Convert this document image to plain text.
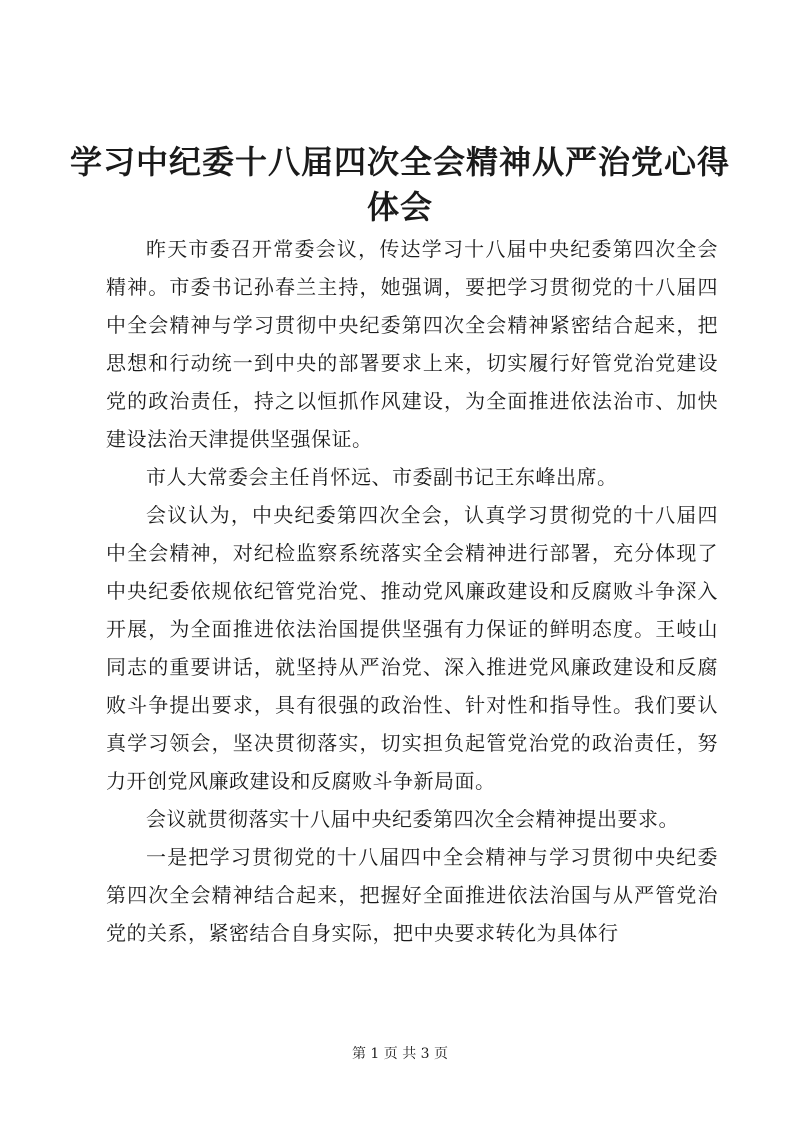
学习中纪委十八届四次全会精神从严治党心得体会

昨天市委召开常委会议，传达学习十八届中央纪委第四次全会精神。市委书记孙春兰主持，她强调，要把学习贯彻党的十八届四中全会精神与学习贯彻中央纪委第四次全会精神紧密结合起来，把思想和行动统一到中央的部署要求上来，切实履行好管党治党建设党的政治责任，持之以恒抓作风建设，为全面推进依法治市、加快建设法治天津提供坚强保证。

市人大常委会主任肖怀远、市委副书记王东峰出席。

会议认为，中央纪委第四次全会，认真学习贯彻党的十八届四中全会精神，对纪检监察系统落实全会精神进行部署，充分体现了中央纪委依规依纪管党治党、推动党风廉政建设和反腐败斗争深入开展，为全面推进依法治国提供坚强有力保证的鲜明态度。王岐山同志的重要讲话，就坚持从严治党、深入推进党风廉政建设和反腐败斗争提出要求，具有很强的政治性、针对性和指导性。我们要认真学习领会，坚决贯彻落实，切实担负起管党治党的政治责任，努力开创党风廉政建设和反腐败斗争新局面。

会议就贯彻落实十八届中央纪委第四次全会精神提出要求。

一是把学习贯彻党的十八届四中全会精神与学习贯彻中央纪委第四次全会精神结合起来，把握好全面推进依法治国与从严管党治党的关系，紧密结合自身实际，把中央要求转化为具体行

第 1 页 共 3 页
